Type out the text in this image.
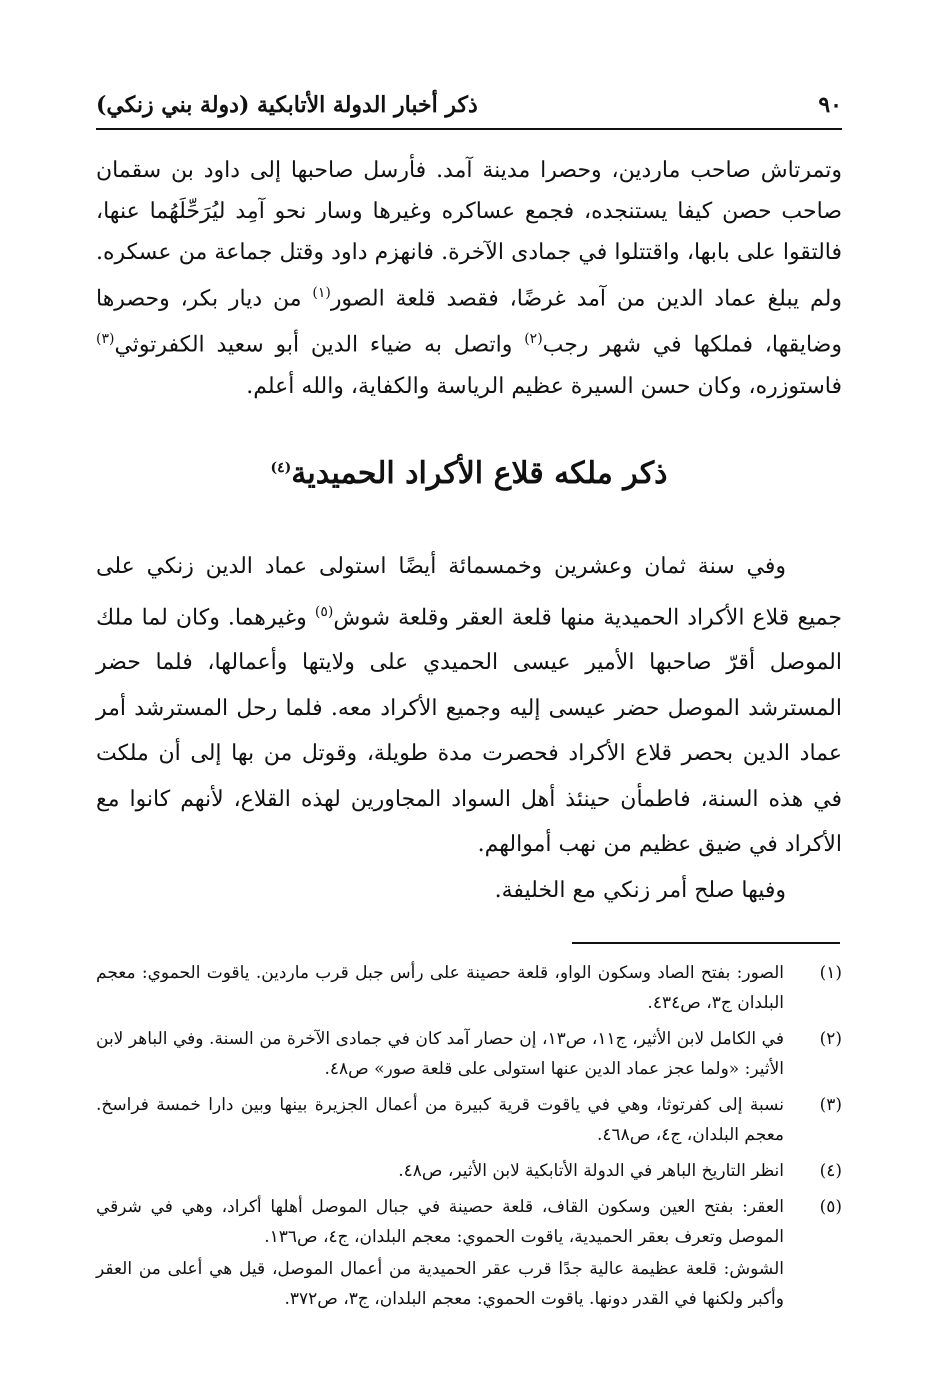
٩٠
ذكر أخبار الدولة الأتابكية (دولة بني زنكي)

وتمرتاش صاحب ماردين، وحصرا مدينة آمد. فأرسل صاحبها إلى داود بن سقمان صاحب حصن كيفا يستنجده، فجمع عساكره وغيرها وسار نحو آمِد ليُرَحِّلَهُما عنها، فالتقوا على بابها، واقتتلوا في جمادى الآخرة. فانهزم داود وقتل جماعة من عسكره. ولم يبلغ عماد الدين من آمد غرضًا، فقصد قلعة الصور$^{(١)}$ من ديار بكر، وحصرها وضايقها، فملكها في شهر رجب$^{(٢)}$ واتصل به ضياء الدين أبو سعيد الكفرتوثي$^{(٣)}$ فاستوزره، وكان حسن السيرة عظيم الرياسة والكفاية، والله أعلم.

ذكر ملكه قلاع الأكراد الحميدية$^{(٤)}$

وفي سنة ثمان وعشرين وخمسمائة أيضًا استولى عماد الدين زنكي على جميع قلاع الأكراد الحميدية منها قلعة العقر وقلعة شوش$^{(٥)}$ وغيرهما. وكان لما ملك الموصل أقرّ صاحبها الأمير عيسى الحميدي على ولايتها وأعمالها، فلما حضر المسترشد الموصل حضر عيسى إليه وجميع الأكراد معه. فلما رحل المسترشد أمر عماد الدين بحصر قلاع الأكراد فحصرت مدة طويلة، وقوتل من بها إلى أن ملكت في هذه السنة، فاطمأن حينئذ أهل السواد المجاورين لهذه القلاع، لأنهم كانوا مع الأكراد في ضيق عظيم من نهب أموالهم.

وفيها صلح أمر زنكي مع الخليفة.

(١)
الصور: بفتح الصاد وسكون الواو، قلعة حصينة على رأس جبل قرب ماردين. ياقوت الحموي: معجم البلدان ج٣، ص٤٣٤.

(٢)
في الكامل لابن الأثير، ج١١، ص١٣، إن حصار آمد كان في جمادى الآخرة من السنة. وفي الباهر لابن الأثير: «ولما عجز عماد الدين عنها استولى على قلعة صور» ص٤٨.

(٣)
نسبة إلى كفرتوثا، وهي في ياقوت قرية كبيرة من أعمال الجزيرة بينها وبين دارا خمسة فراسخ. معجم البلدان، ج٤، ص٤٦٨.

(٤)
انظر التاريخ الباهر في الدولة الأتابكية لابن الأثير، ص٤٨.

(٥)
العقر: بفتح العين وسكون القاف، قلعة حصينة في جبال الموصل أهلها أكراد، وهي في شرقي الموصل وتعرف بعقر الحميدية، ياقوت الحموي: معجم البلدان، ج٤، ص١٣٦.

الشوش: قلعة عظيمة عالية جدًا قرب عقر الحميدية من أعمال الموصل، قيل هي أعلى من العقر وأكبر ولكنها في القدر دونها. ياقوت الحموي: معجم البلدان، ج٣، ص٣٧٢.
